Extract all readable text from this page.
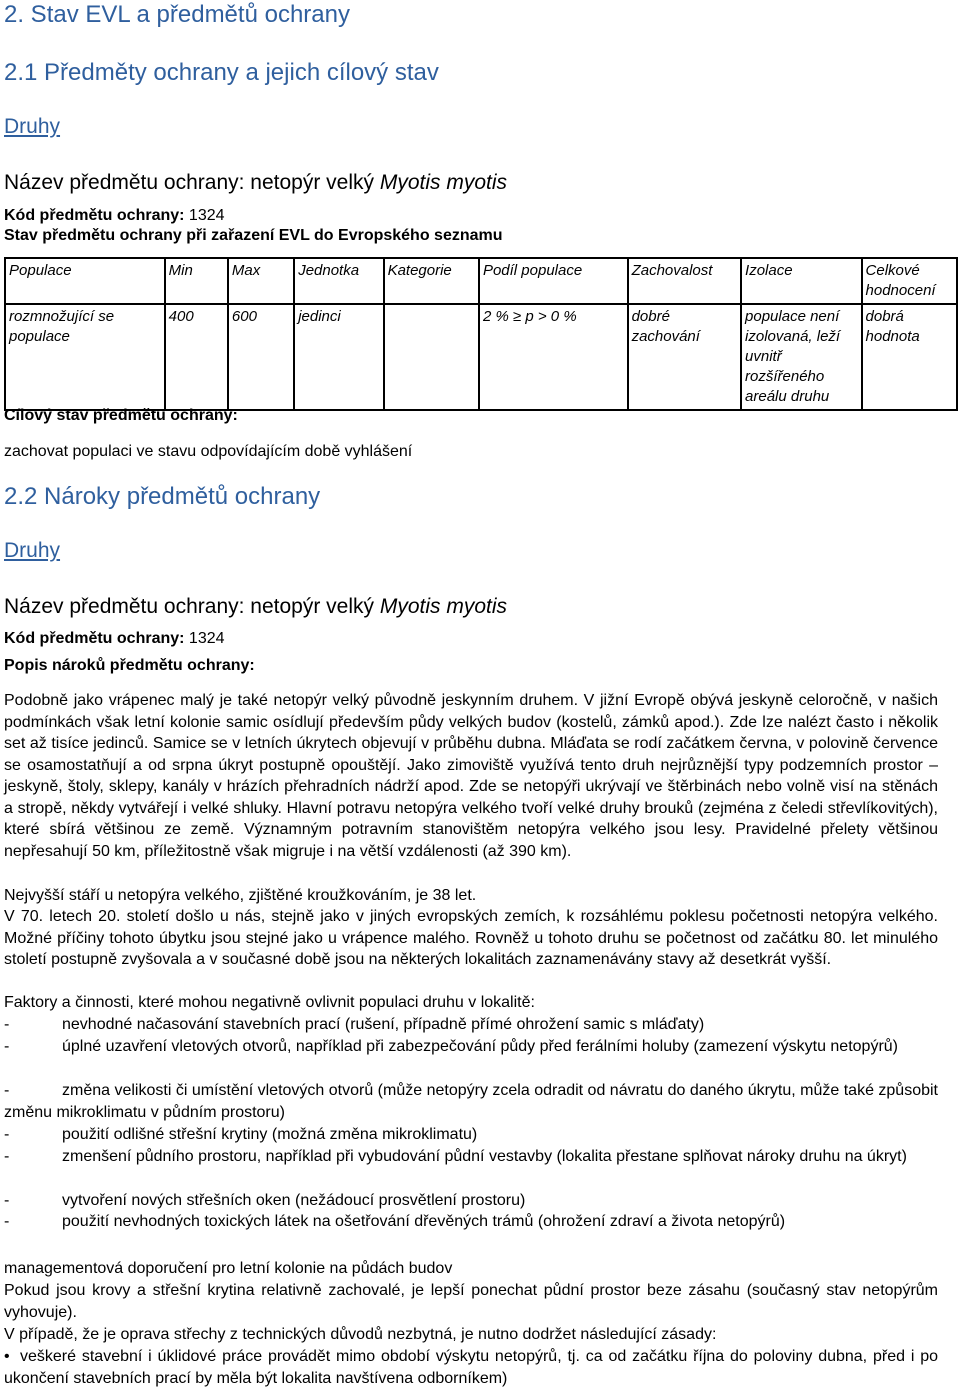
2. Stav EVL a předmětů ochrany
2.1 Předměty ochrany a jejich cílový stav
Druhy
Název předmětu ochrany: netopýr velký Myotis myotis
Kód předmětu ochrany: 1324
Stav předmětu ochrany při zařazení EVL do Evropského seznamu
Populace	Min	Max	Jednotka	Kategorie	Podíl populace	Zachovalost	Izolace	Celkové hodnocení
rozmnožující se populace	400	600	jedinci		2 % ≥ p > 0 %	dobré zachování	populace není izolovaná, leží uvnitř rozšířeného areálu druhu	dobrá hodnota
Cílový stav předmětu ochrany:
zachovat populaci ve stavu odpovídajícím době vyhlášení
2.2 Nároky předmětů ochrany
Druhy
Název předmětu ochrany: netopýr velký Myotis myotis
Kód předmětu ochrany: 1324
Popis nároků předmětu ochrany:
Podobně jako vrápenec malý je také netopýr velký původně jeskynním druhem. V jižní Evropě obývá jeskyně celoročně, v našich podmínkách však letní kolonie samic osídlují především půdy velkých budov (kostelů, zámků apod.). Zde lze nalézt často i několik set až tisíce jedinců. Samice se v letních úkrytech objevují v průběhu dubna. Mláďata se rodí začátkem června, v polovině července se osamostatňují a od srpna úkryt postupně opouštějí. Jako zimoviště využívá tento druh nejrůznější typy podzemních prostor – jeskyně, štoly, sklepy, kanály v hrázích přehradních nádrží apod. Zde se netopýři ukrývají ve štěrbinách nebo volně visí na stěnách a stropě, někdy vytvářejí i velké shluky. Hlavní potravu netopýra velkého tvoří velké druhy brouků (zejména z čeledi střevlíkovitých), které sbírá většinou ze země. Významným potravním stanovištěm netopýra velkého jsou lesy. Pravidelné přelety většinou nepřesahují 50 km, příležitostně však migruje i na větší vzdálenosti (až 390 km).
Nejvyšší stáří u netopýra velkého, zjištěné kroužkováním, je 38 let.
V 70. letech 20. století došlo u nás, stejně jako v jiných evropských zemích, k rozsáhlému poklesu početnosti netopýra velkého. Možné příčiny tohoto úbytku jsou stejné jako u vrápence malého. Rovněž u tohoto druhu se početnost od začátku 80. let minulého století postupně zvyšovala a v současné době jsou na některých lokalitách zaznamenávány stavy až desetkrát vyšší.
Faktory a činnosti, které mohou negativně ovlivnit populaci druhu v lokalitě:
-	nevhodné načasování stavebních prací (rušení, případně přímé ohrožení samic s mláďaty)
-	úplné uzavření vletových otvorů, například při zabezpečování půdy před ferálními holuby (zamezení výskytu netopýrů)
-	změna velikosti či umístění vletových otvorů (může netopýry zcela odradit od návratu do daného úkrytu, může také způsobit změnu mikroklimatu v půdním prostoru)
-	použití odlišné střešní krytiny (možná změna mikroklimatu)
-	zmenšení půdního prostoru, například při vybudování půdní vestavby (lokalita přestane splňovat nároky druhu na úkryt)
-	vytvoření nových střešních oken (nežádoucí prosvětlení prostoru)
-	použití nevhodných toxických látek na ošetřování dřevěných trámů (ohrožení zdraví a života netopýrů)
managementová doporučení pro letní kolonie na půdách budov
Pokud jsou krovy a střešní krytina relativně zachovalé, je lepší ponechat půdní prostor beze zásahu (současný stav netopýrům vyhovuje).
V případě, že je oprava střechy z technických důvodů nezbytná, je nutno dodržet následující zásady:
• veškeré stavební i úklidové práce provádět mimo období výskytu netopýrů, tj. ca od začátku října do poloviny dubna, před i po ukončení stavebních prací by měla být lokalita navštívena odborníkem)
